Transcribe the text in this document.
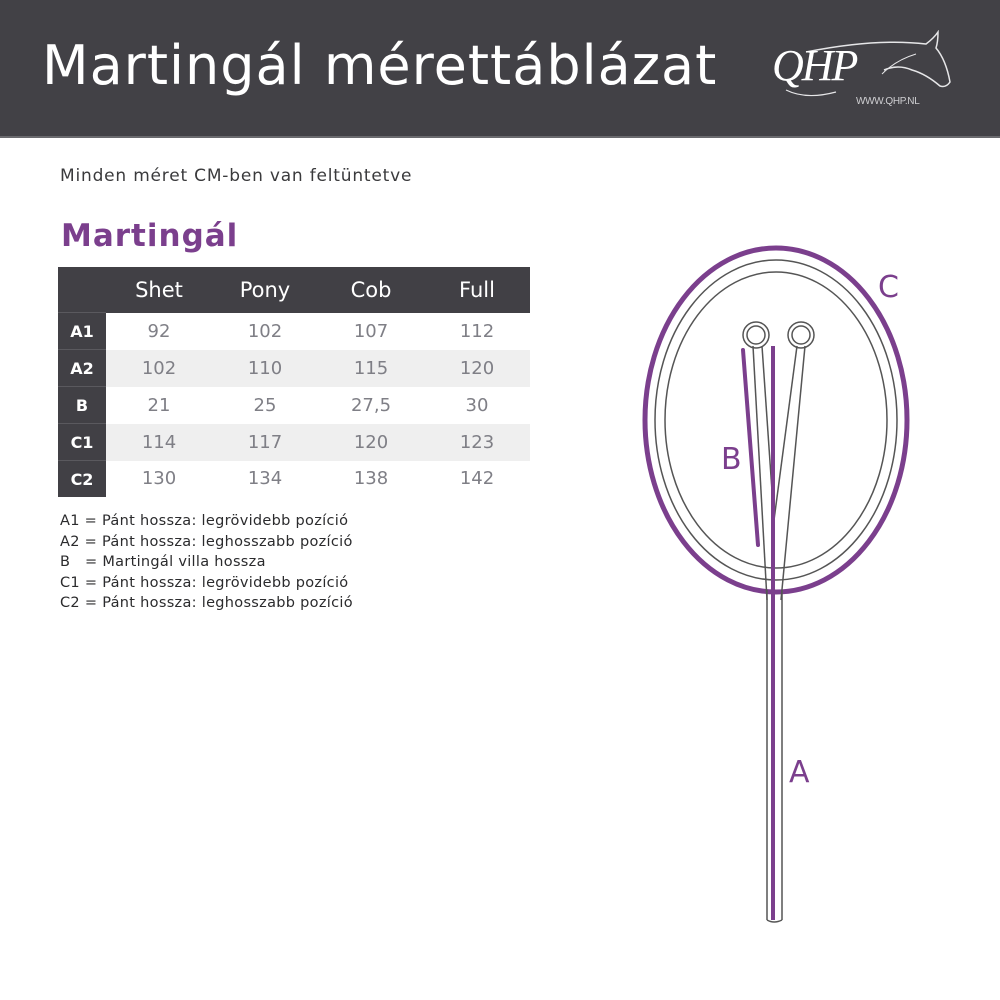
Martingál mérettáblázat QHP
WWW.QHP.NL
Minden méret CM-ben van feltüntetve
Martingál
	Shet	Pony	Cob	Full
A1	92	102	107	112
A2	102	110	115	120
B	21	25	27,5	30
C1	114	117	120	123
C2	130	134	138	142
A1 = Pánt hossza: legrövidebb pozíció
A2 = Pánt hossza: leghosszabb pozíció
B   = Martingál villa hossza
C1 = Pánt hossza: legrövidebb pozíció
C2 = Pánt hossza: leghosszabb pozíció
C
B
A
